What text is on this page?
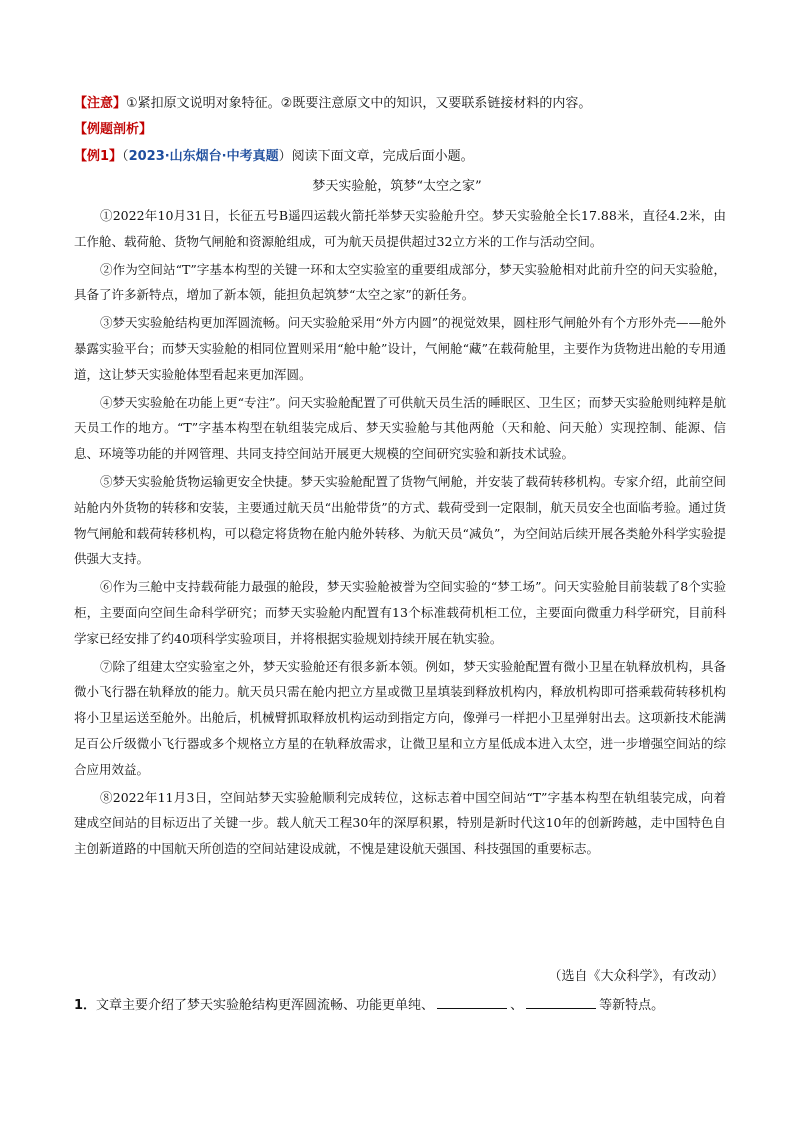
【注意】①紧扣原文说明对象特征。②既要注意原文中的知识，又要联系链接材料的内容。
【例题剖析】
【例1】（2023·山东烟台·中考真题）阅读下面文章，完成后面小题。
梦天实验舱，筑梦“太空之家”

①2022年10月31日，长征五号B遥四运载火箭托举梦天实验舱升空。梦天实验舱全长17.88米，直径4.2米，由工作舱、载荷舱、货物气闸舱和资源舱组成，可为航天员提供超过32立方米的工作与活动空间。

②作为空间站“T”字基本构型的关键一环和太空实验室的重要组成部分，梦天实验舱相对此前升空的问天实验舱，具备了许多新特点，增加了新本领，能担负起筑梦“太空之家”的新任务。

③梦天实验舱结构更加浑圆流畅。问天实验舱采用“外方内圆”的视觉效果，圆柱形气闸舱外有个方形外壳——舱外暴露实验平台；而梦天实验舱的相同位置则采用“舱中舱”设计，气闸舱“藏”在载荷舱里，主要作为货物进出舱的专用通道，这让梦天实验舱体型看起来更加浑圆。

④梦天实验舱在功能上更“专注”。问天实验舱配置了可供航天员生活的睡眠区、卫生区；而梦天实验舱则纯粹是航天员工作的地方。“T”字基本构型在轨组装完成后、梦天实验舱与其他两舱（天和舱、问天舱）实现控制、能源、信息、环境等功能的并网管理、共同支持空间站开展更大规模的空间研究实验和新技术试验。

⑤梦天实验舱货物运输更安全快捷。梦天实验舱配置了货物气闸舱，并安装了载荷转移机构。专家介绍，此前空间站舱内外货物的转移和安装，主要通过航天员“出舱带货”的方式、载荷受到一定限制，航天员安全也面临考验。通过货物气闸舱和载荷转移机构，可以稳定将货物在舱内舱外转移、为航天员“减负”，为空间站后续开展各类舱外科学实验提供强大支持。

⑥作为三舱中支持载荷能力最强的舱段，梦天实验舱被誉为空间实验的“梦工场”。问天实验舱目前装载了8个实验柜，主要面向空间生命科学研究；而梦天实验舱内配置有13个标准载荷机柜工位，主要面向微重力科学研究，目前科学家已经安排了约40项科学实验项目，并将根据实验规划持续开展在轨实验。

⑦除了组建太空实验室之外，梦天实验舱还有很多新本领。例如，梦天实验舱配置有微小卫星在轨释放机构，具备微小飞行器在轨释放的能力。航天员只需在舱内把立方星或微卫星填装到释放机构内，释放机构即可搭乘载荷转移机构将小卫星运送至舱外。出舱后，机械臂抓取释放机构运动到指定方向，像弹弓一样把小卫星弹射出去。这项新技术能满足百公斤级微小飞行器或多个规格立方星的在轨释放需求，让微卫星和立方星低成本进入太空，进一步增强空间站的综合应用效益。

⑧2022年11月3日，空间站梦天实验舱顺利完成转位，这标志着中国空间站“T”字基本构型在轨组装完成，向着建成空间站的目标迈出了关键一步。载人航天工程30年的深厚积累，特别是新时代这10年的创新跨越，走中国特色自主创新道路的中国航天所创造的空间站建设成就，不愧是建设航天强国、科技强国的重要标志。

（选自《大众科学》，有改动）
1．文章主要介绍了梦天实验舱结构更浑圆流畅、功能更单纯、	、	等新特点。
